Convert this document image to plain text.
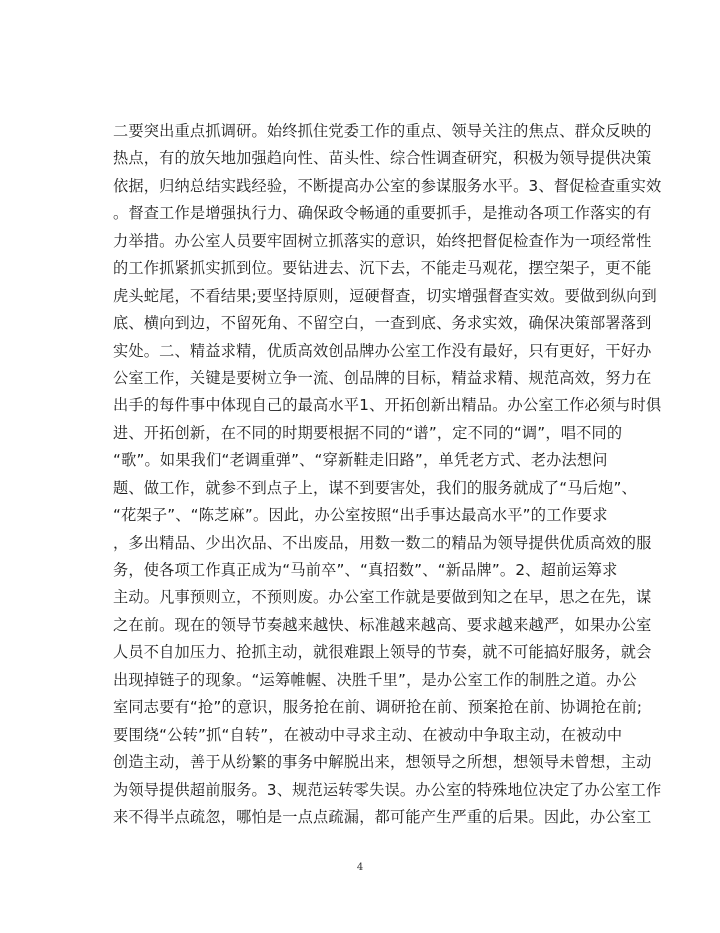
二要突出重点抓调研。始终抓住党委工作的重点、领导关注的焦点、群众反映的
热点，有的放矢地加强趋向性、苗头性、综合性调查研究，积极为领导提供决策
依据，归纳总结实践经验，不断提高办公室的参谋服务水平。3、督促检查重实效
。督查工作是增强执行力、确保政令畅通的重要抓手，是推动各项工作落实的有
力举措。办公室人员要牢固树立抓落实的意识，始终把督促检查作为一项经常性
的工作抓紧抓实抓到位。要钻进去、沉下去，不能走马观花，摆空架子，更不能
虎头蛇尾，不看结果;要坚持原则，逗硬督查，切实增强督查实效。要做到纵向到
底、横向到边，不留死角、不留空白，一查到底、务求实效，确保决策部署落到
实处。二、精益求精，优质高效创品牌办公室工作没有最好，只有更好，干好办
公室工作，关键是要树立争一流、创品牌的目标，精益求精、规范高效，努力在
出手的每件事中体现自己的最高水平1、开拓创新出精品。办公室工作必须与时俱
进、开拓创新，在不同的时期要根据不同的“谱”，定不同的“调”，唱不同的
“歌”。如果我们“老调重弹”、“穿新鞋走旧路”，单凭老方式、老办法想问
题、做工作，就参不到点子上，谋不到要害处，我们的服务就成了“马后炮”、
“花架子”、“陈芝麻”。因此，办公室按照“出手事达最高水平”的工作要求
，多出精品、少出次品、不出废品，用数一数二的精品为领导提供优质高效的服
务，使各项工作真正成为“马前卒”、“真招数”、“新品牌”。2、超前运筹求
主动。凡事预则立，不预则废。办公室工作就是要做到知之在早，思之在先，谋
之在前。现在的领导节奏越来越快、标准越来越高、要求越来越严，如果办公室
人员不自加压力、抢抓主动，就很难跟上领导的节奏，就不可能搞好服务，就会
出现掉链子的现象。“运筹帷幄、决胜千里”，是办公室工作的制胜之道。办公
室同志要有“抢”的意识，服务抢在前、调研抢在前、预案抢在前、协调抢在前;
要围绕“公转”抓“自转”，在被动中寻求主动、在被动中争取主动，在被动中
创造主动，善于从纷繁的事务中解脱出来，想领导之所想，想领导未曾想，主动
为领导提供超前服务。3、规范运转零失误。办公室的特殊地位决定了办公室工作
来不得半点疏忽，哪怕是一点点疏漏，都可能产生严重的后果。因此，办公室工
4
